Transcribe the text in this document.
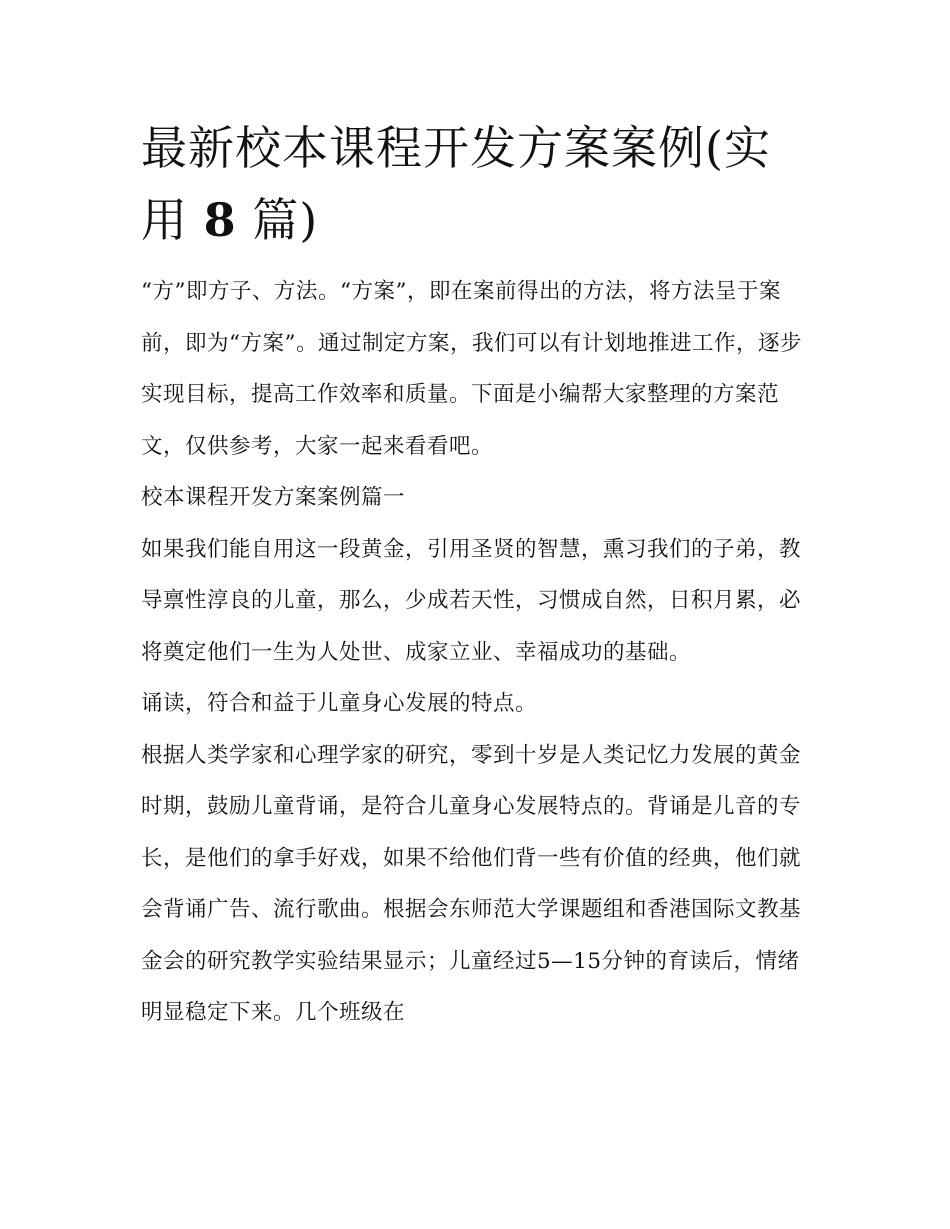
最新校本课程开发方案案例(实用 8 篇)

“方”即方子、方法。“方案”，即在案前得出的方法，将方法呈于案前，即为“方案”。通过制定方案，我们可以有计划地推进工作，逐步实现目标，提高工作效率和质量。下面是小编帮大家整理的方案范文，仅供参考，大家一起来看看吧。

校本课程开发方案案例篇一

如果我们能自用这一段黄金，引用圣贤的智慧，熏习我们的子弟，教导禀性淳良的儿童，那么，少成若天性，习惯成自然，日积月累，必将奠定他们一生为人处世、成家立业、幸福成功的基础。

诵读，符合和益于儿童身心发展的特点。

根据人类学家和心理学家的研究，零到十岁是人类记忆力发展的黄金时期，鼓励儿童背诵，是符合儿童身心发展特点的。背诵是儿音的专长，是他们的拿手好戏，如果不给他们背一些有价值的经典，他们就会背诵广告、流行歌曲。根据会东师范大学课题组和香港国际文教基金会的研究教学实验结果显示；儿童经过5—15分钟的育读后，情绪明显稳定下来。几个班级在
